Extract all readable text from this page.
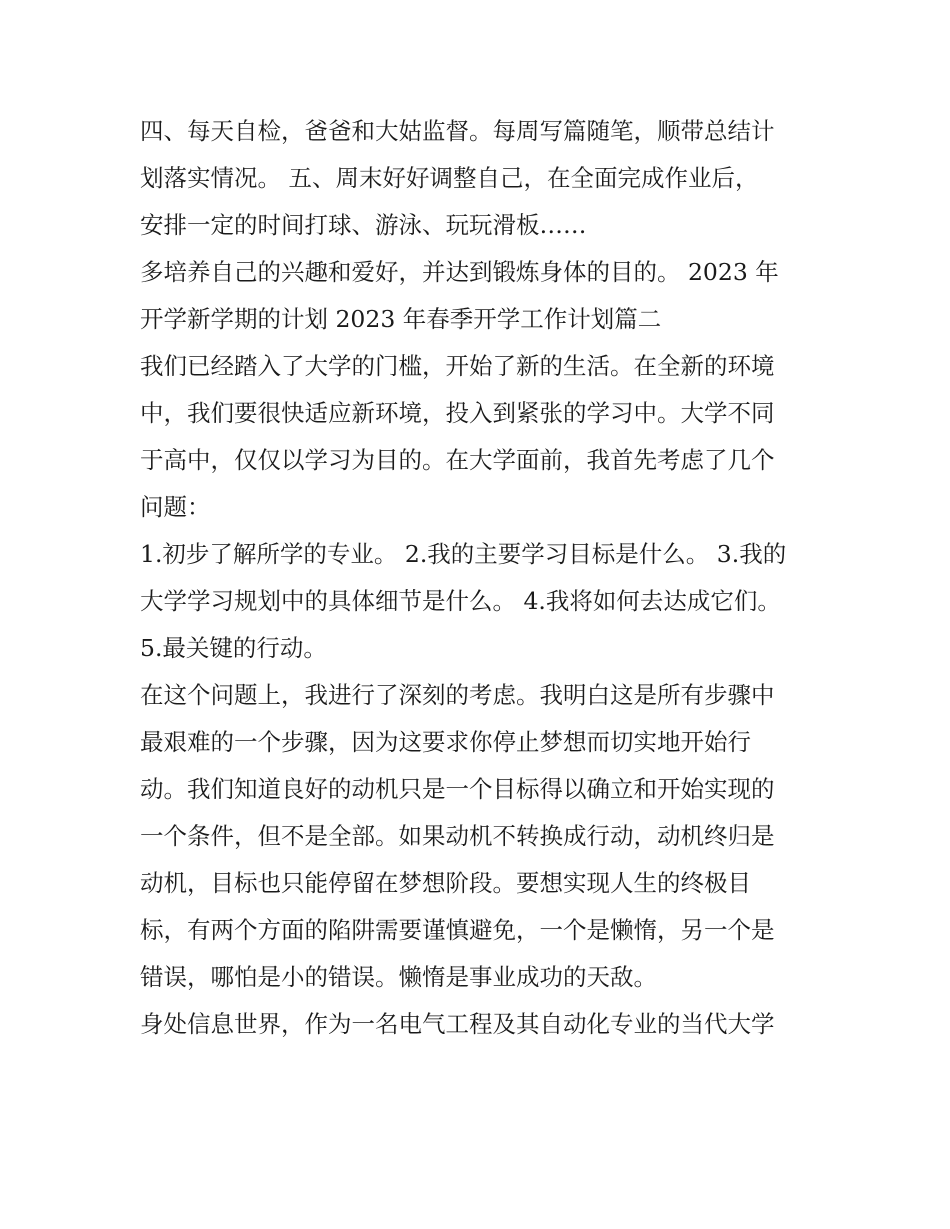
四、每天自检，爸爸和大姑监督。每周写篇随笔，顺带总结计
划落实情况。 五、周末好好调整自己，在全面完成作业后，
安排一定的时间打球、游泳、玩玩滑板……
多培养自己的兴趣和爱好，并达到锻炼身体的目的。 2023 年
开学新学期的计划 2023 年春季开学工作计划篇二
我们已经踏入了大学的门槛，开始了新的生活。在全新的环境
中，我们要很快适应新环境，投入到紧张的学习中。大学不同
于高中，仅仅以学习为目的。在大学面前，我首先考虑了几个
问题：
1.初步了解所学的专业。 2.我的主要学习目标是什么。 3.我的
大学学习规划中的具体细节是什么。 4.我将如何去达成它们。
5.最关键的行动。
在这个问题上，我进行了深刻的考虑。我明白这是所有步骤中
最艰难的一个步骤，因为这要求你停止梦想而切实地开始行
动。我们知道良好的动机只是一个目标得以确立和开始实现的
一个条件，但不是全部。如果动机不转换成行动，动机终归是
动机，目标也只能停留在梦想阶段。要想实现人生的终极目
标，有两个方面的陷阱需要谨慎避免，一个是懒惰，另一个是
错误，哪怕是小的错误。懒惰是事业成功的天敌。
身处信息世界，作为一名电气工程及其自动化专业的当代大学
